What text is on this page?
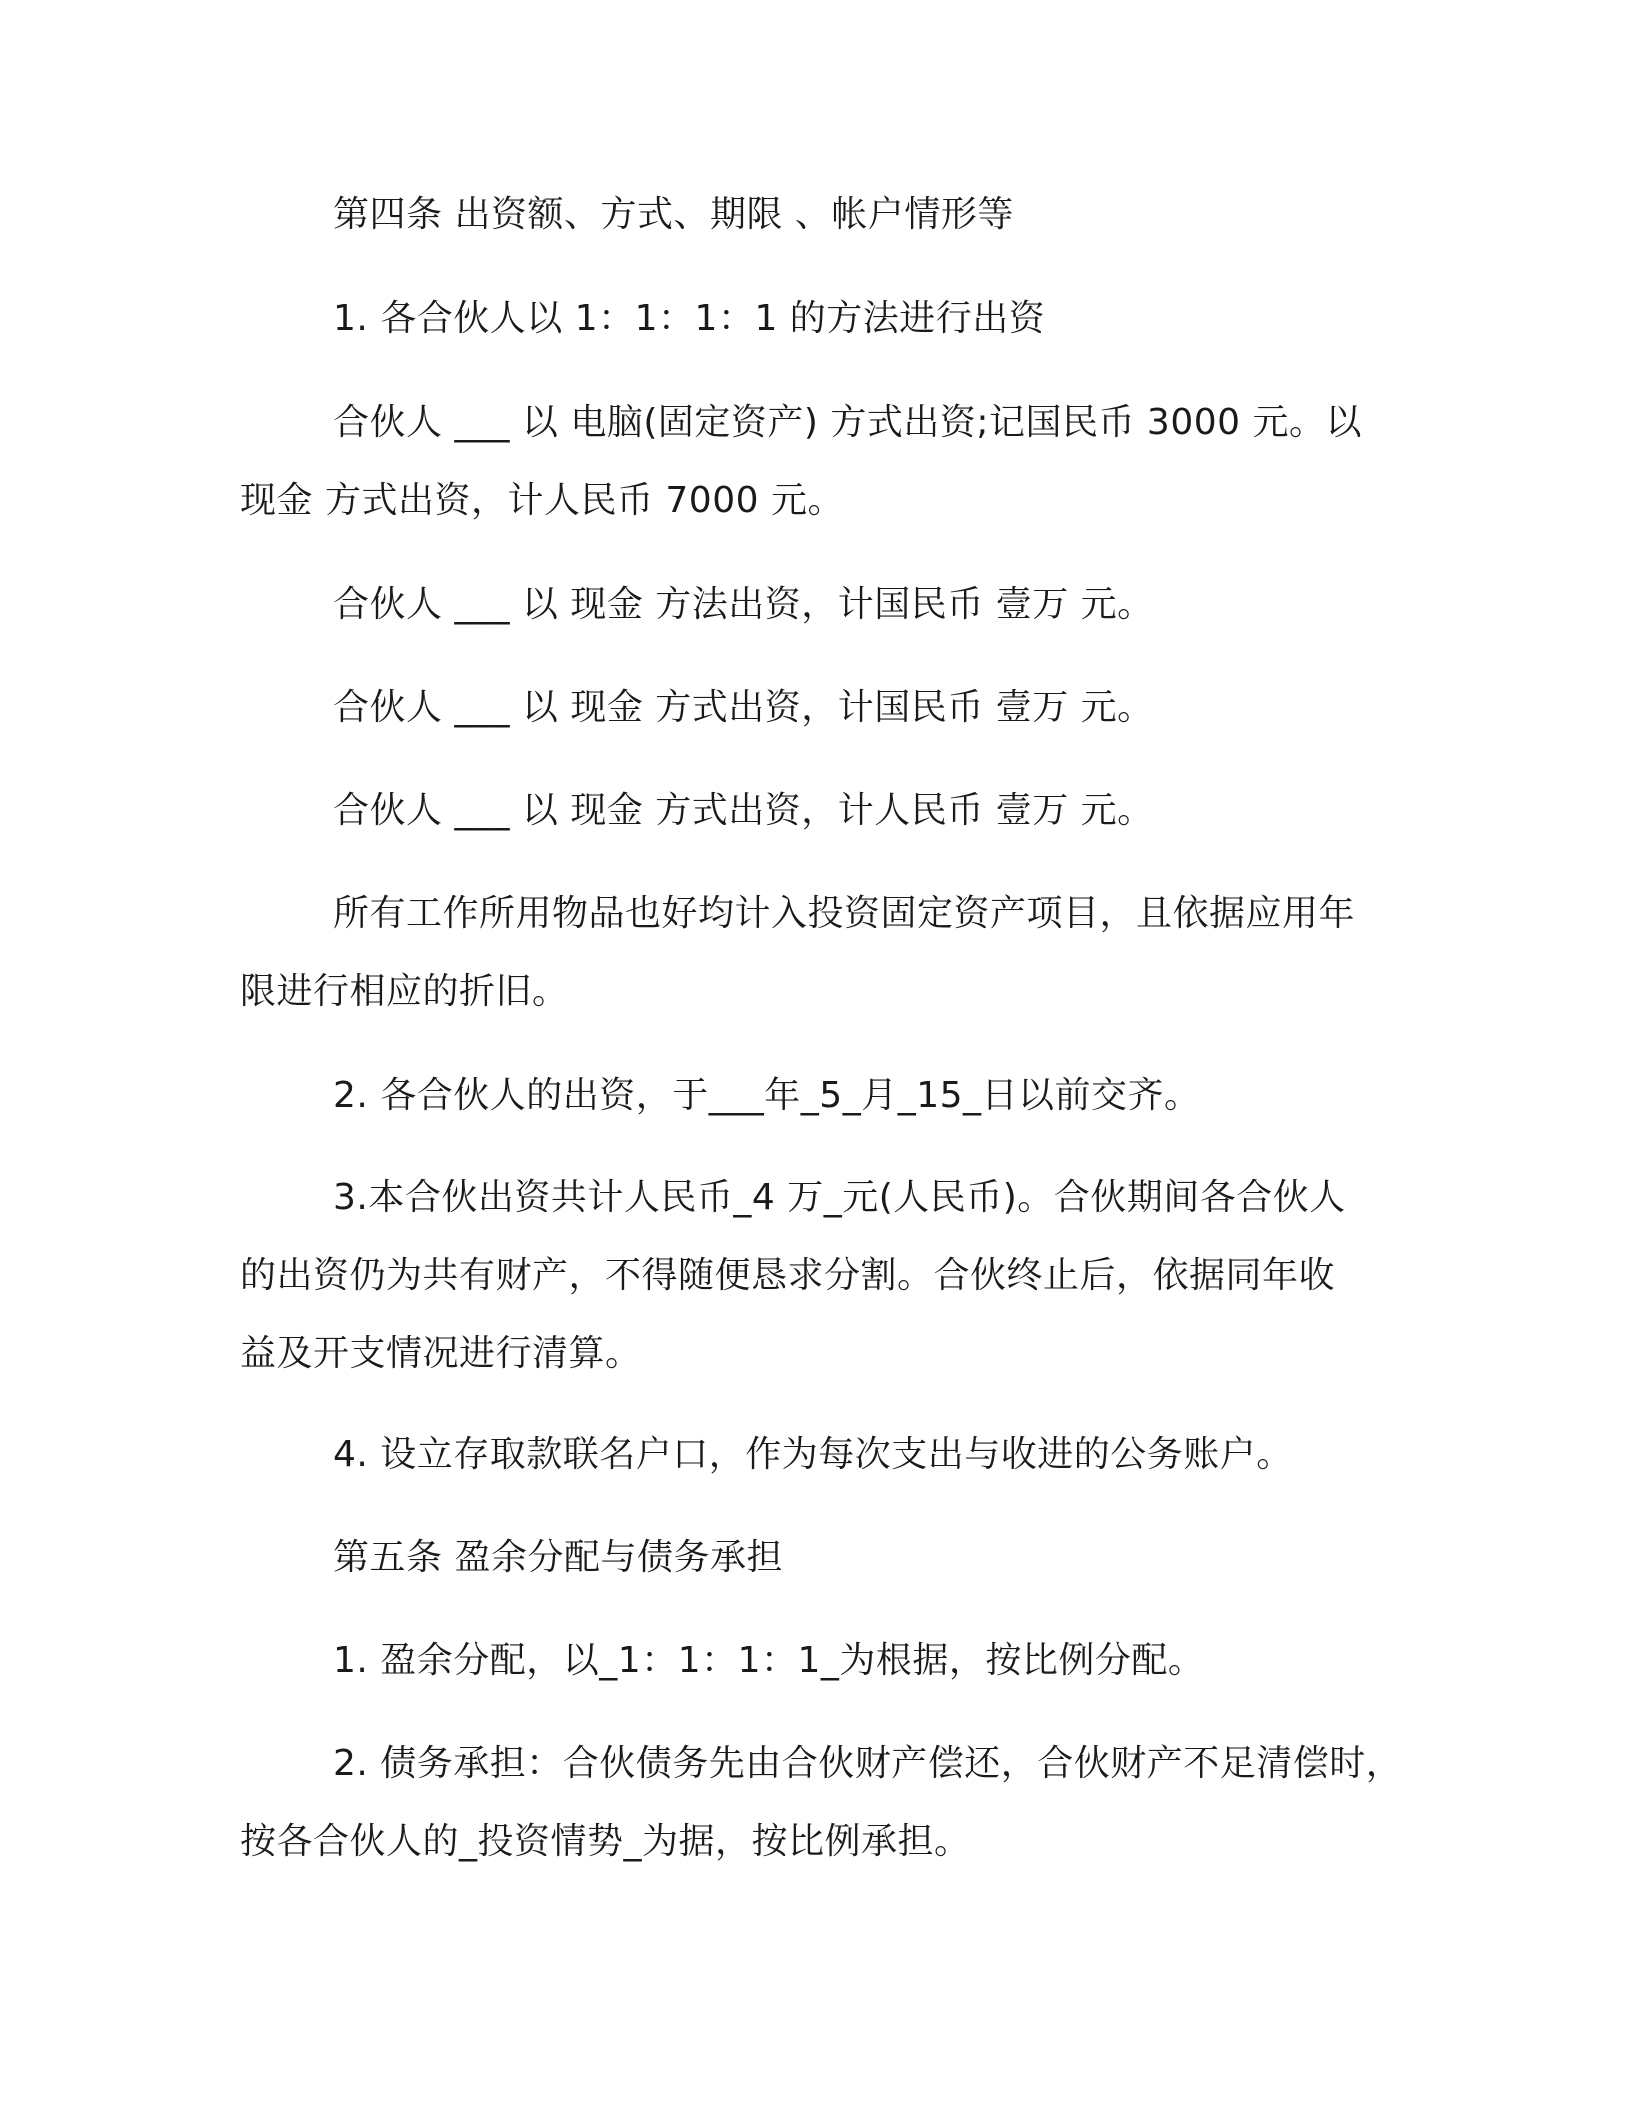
第四条 出资额、方式、期限 、帐户情形等

1. 各合伙人以 1：1：1：1 的方法进行出资

合伙人 ___ 以 电脑(固定资产) 方式出资;记国民币 3000 元。以
现金 方式出资，计人民币 7000 元。

合伙人 ___ 以 现金 方法出资，计国民币 壹万 元。

合伙人 ___ 以 现金 方式出资，计国民币 壹万 元。

合伙人 ___ 以 现金 方式出资，计人民币 壹万 元。

所有工作所用物品也好均计入投资固定资产项目，且依据应用年
限进行相应的折旧。

2. 各合伙人的出资，于___年_5_月_15_日以前交齐。

3.本合伙出资共计人民币_4 万_元(人民币)。合伙期间各合伙人
的出资仍为共有财产，不得随便恳求分割。合伙终止后，依据同年收
益及开支情况进行清算。

4. 设立存取款联名户口，作为每次支出与收进的公务账户。

第五条 盈余分配与债务承担

1. 盈余分配，以_1：1：1：1_为根据，按比例分配。

2. 债务承担：合伙债务先由合伙财产偿还，合伙财产不足清偿时，
按各合伙人的_投资情势_为据，按比例承担。
